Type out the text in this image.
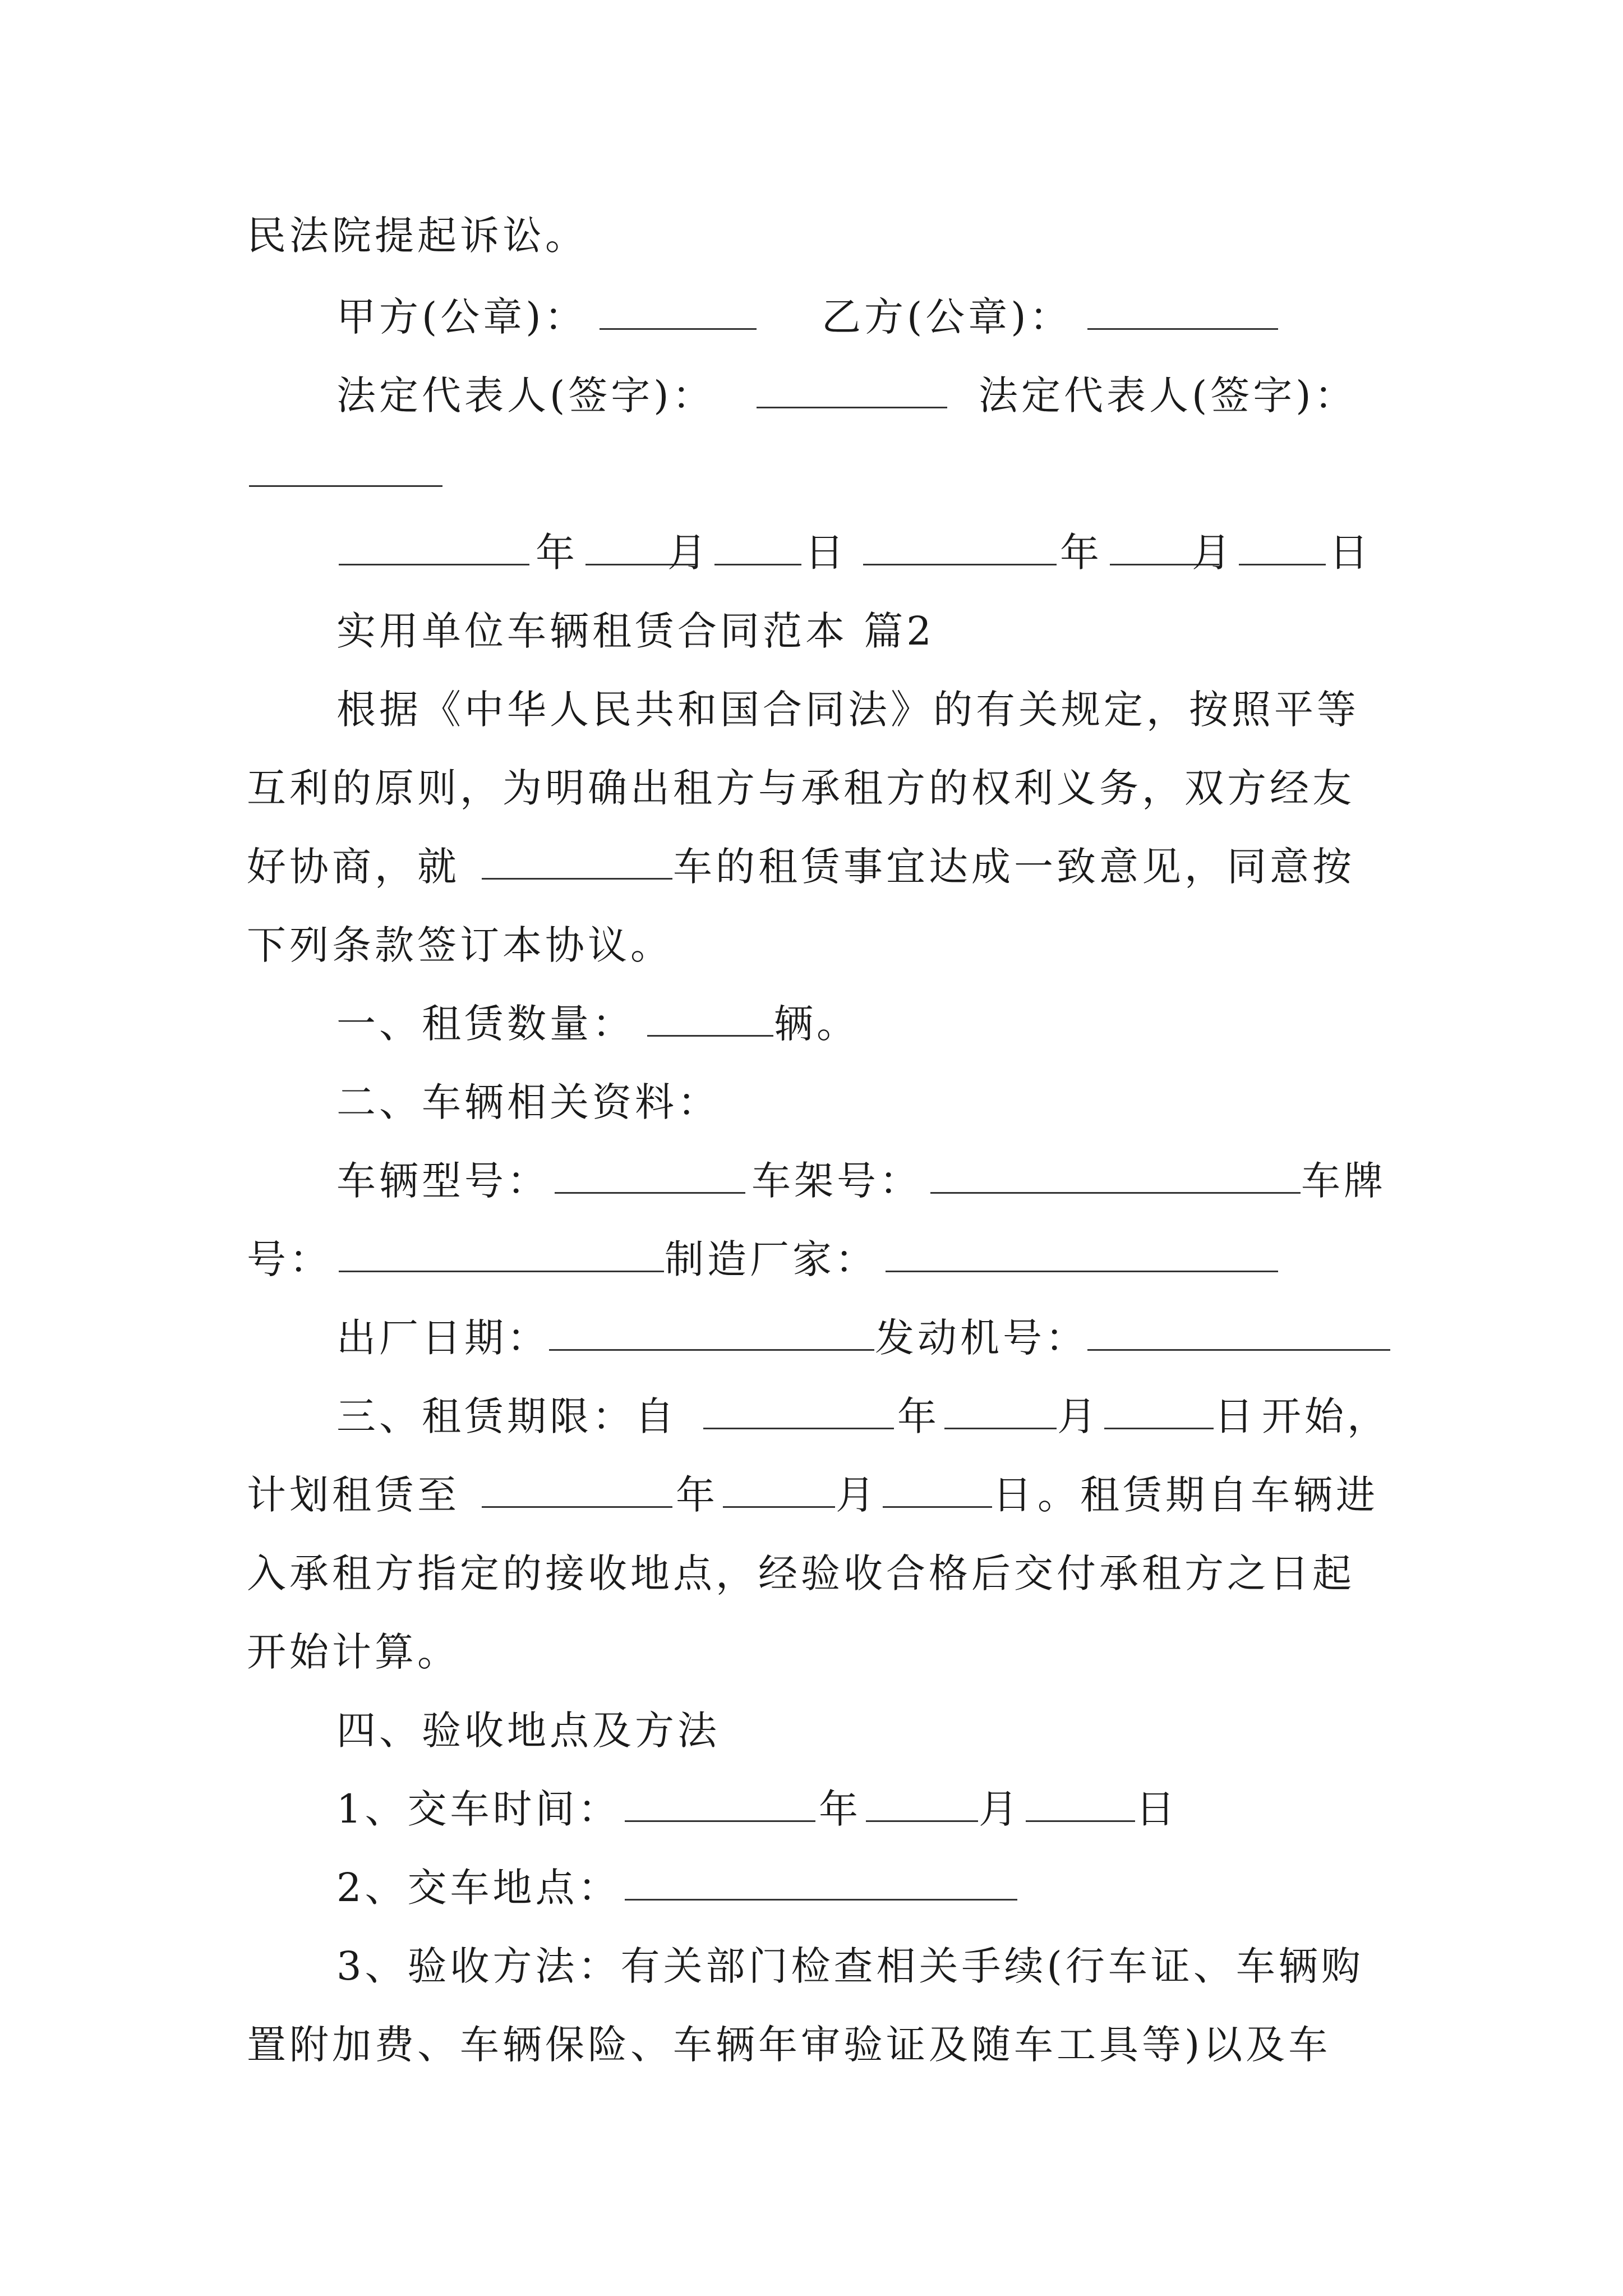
民法院提起诉讼。
甲方(公章)：	乙方(公章)：
法定代表人(签字)：	法定代表人(签字)：
年 月 日	年 月 日
实用单位车辆租赁合同范本 篇2
根据《中华人民共和国合同法》的有关规定，按照平等
互利的原则，为明确出租方与承租方的权利义务，双方经友
好协商，就	车的租赁事宜达成一致意见，同意按
下列条款签订本协议。
一、租赁数量：	辆。
二、车辆相关资料：
车辆型号：	车架号：	车牌
号：	制造厂家：
出厂日期：	发动机号：
三、租赁期限：自	年	月	日 开始，
计划租赁至	年	月	日 。租赁期自车辆进
入承租方指定的接收地点，经验收合格后交付承租方之日起
开始计算。
四、验收地点及方法
1、交车时间：	年	月	日
2、交车地点：
3、验收方法：有关部门检查相关手续(行车证、车辆购
置附加费、车辆保险、车辆年审验证及随车工具等)以及车
